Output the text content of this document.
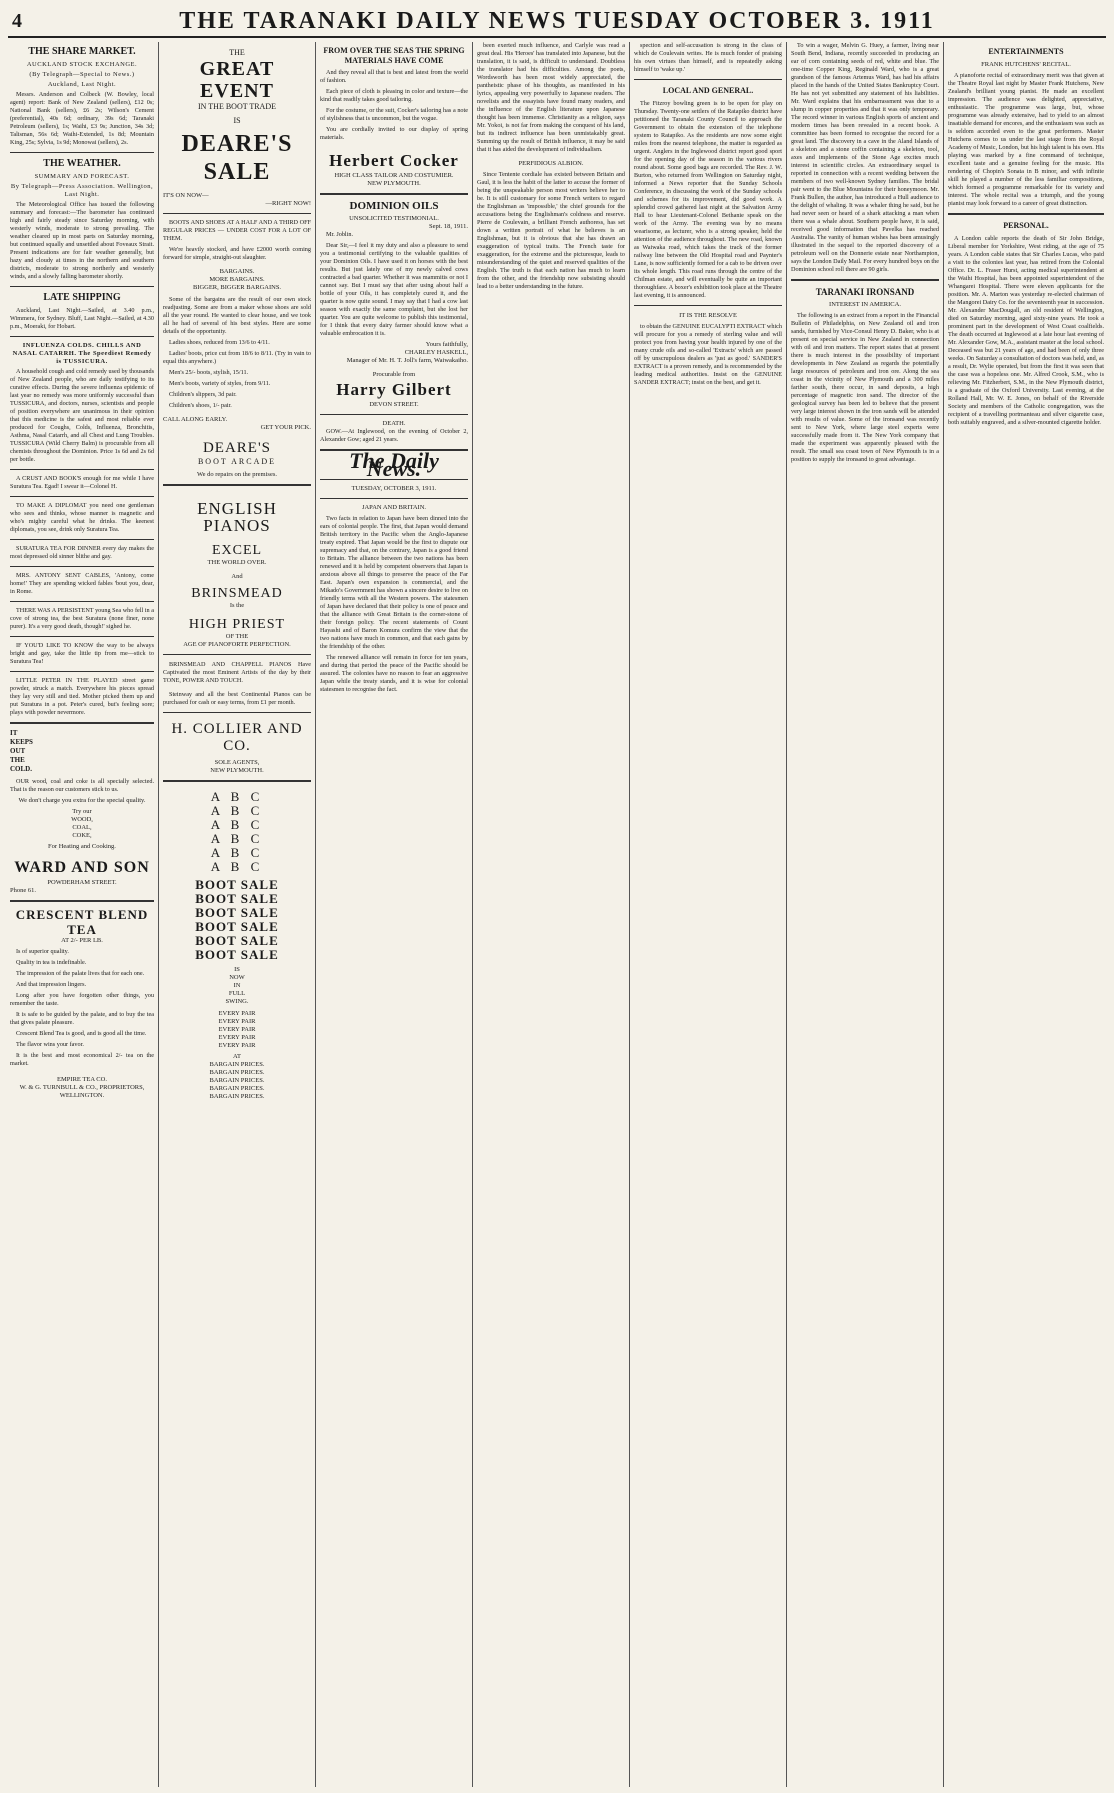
4	THE TARANAKI DAILY NEWS TUESDAY OCTOBER 3. 1911
THE SHARE MARKET.
AUCKLAND STOCK EXCHANGE.
(By Telegraph—Special to News.)
Auckland, Last Night.
Messrs. Anderson and Colbeck (W. Bowley, local agent) report: Bank of New Zealand (sellers), £12 0s; National Bank (sellers), £6 2s; Wilson's Cement (preferential), 40s 6d; ordinary, 39s 6d; Taranaki Petroleum (sellers), 1s; Waihi, £3 9s; Junction, 34s 3d; Talisman, 56s 6d; Waihi-Extended, 1s 8d; Mountain King, 25s; Sylvia, 1s 9d; Monowai (sellers), 2s.
THE WEATHER.
SUMMARY AND FORECAST.
By Telegraph—Press Association. Wellington, Last Night.
The Meteorological Office has issued the following summary and forecast:—The barometer has continued high and fairly steady since Saturday morning, with westerly winds, moderate to strong prevailing. The weather cleared up in most parts on Saturday morning, but continued squally and unsettled about Foveaux Strait. Present indications are for fair weather generally, but hazy and cloudy at times in the northern and southern districts, moderate to strong northerly and westerly winds, and a slowly falling barometer shortly.
LATE SHIPPING
Auckland, Last Night.—Sailed, at 3.40 p.m., Wimmera, for Sydney. Bluff, Last Night.—Sailed, at 4.30 p.m., Moeraki, for Hobart.
INFLUENZA COLDS. CHILLS AND NASAL CATARRH. The Speediest Remedy is TUSSICURA.
A household cough and cold remedy used by thousands of New Zealand people, who are daily testifying to its curative effects. During the severe influenza epidemic of last year no remedy was more uniformly successful than TUSSICURA, and doctors, nurses, scientists and people of position everywhere are unanimous in their opinion that this medicine is the safest and most reliable ever produced for Coughs, Colds, Influenza, Bronchitis, Asthma, Nasal Catarrh, and all Chest and Lung Troubles. TUSSICURA (Wild Cherry Balm) is procurable from all chemists throughout the Dominion. Price 1s 6d and 2s 6d per bottle.
A CRUST AND BOOK'S enough for me while I have Suratura Tea. Egad! I swear it—Colonel H.
TO MAKE A DIPLOMAT you need one gentleman who sees and thinks, whose manner is magnetic and who's mighty careful what he drinks. The keenest diplomats, you see, drink only Suratura Tea.
SURATURA TEA FOR DINNER every day makes the most depressed old sinner blithe and gay.
MRS. ANTONY SENT CABLES, 'Antony, come home!' They are spending wicked fables 'bout you, dear, in Rome.
THERE WAS A PERSISTENT young Sea who fell in a cove of strong tea, the best Suratura (none finer, none purer). It's a very good death, though!' sighed he.
IF YOU'D LIKE TO KNOW the way to be always bright and gay, take the little tip from me—stick to Suratura Tea!
LITTLE PETER IN THE PLAYED street game powder, struck a match. Everywhere his pieces spread they lay very still and tied. Mother picked them up and put Suratura in a pot. Peter's cured, but's feeling sore; plays with powder nevermore.
IT
KEEPS
OUT
THE
COLD.
OUR wood, coal and coke is all specially selected. That is the reason our customers stick to us.
We don't charge you extra for the special quality.
Try our
WOOD,
COAL,
COKE,
For Heating and Cooking.
WARD AND SON
POWDERHAM STREET.
Phone 61.
CRESCENT BLEND TEA
AT 2/- PER LB.
Is of superior quality.
Quality in tea is indefinable.
The impression of the palate lives that for each one.
And that impression lingers.
Long after you have forgotten other things, you remember the taste.
It is safe to be guided by the palate, and to buy the tea that gives palate pleasure.
Crescent Blend Tea is good, and is good all the time.
The flavor wins your favor.
It is the best and most economical 2/- tea on the market.
EMPIRE TEA CO.
W. & G. TURNBULL & CO., PROPRIETORS,
WELLINGTON.
THE
GREAT EVENT
IN THE BOOT TRADE
IS
DEARE'S
SALE
IT'S ON NOW—
—RIGHT NOW!
BOOTS AND SHOES AT A HALF AND A THIRD OFF REGULAR PRICES — UNDER COST FOR A LOT OF THEM.
We're heavily stocked, and have £2000 worth coming forward for simple, straight-out slaughter.
BARGAINS.
MORE BARGAINS.
BIGGER, BIGGER BARGAINS.
Some of the bargains are the result of our own stock readjusting. Some are from a maker whose shoes are sold all the year round. He wanted to clear house, and we took all he had of several of his best styles. Here are some details of the opportunity.
Ladies shoes, reduced from 13/6 to 4/11.
Ladies' boots, price cut from 18/6 to 8/11. (Try in vain to equal this anywhere.)
Men's 25/- boots, stylish, 15/11.
Men's boots, variety of styles, from 9/11.
Children's slippers, 3d pair.
Children's shoes, 1/- pair.
CALL ALONG EARLY.
GET YOUR PICK.
DEARE'S
BOOT ARCADE
We do repairs on the premises.
ENGLISH PIANOS
EXCEL
THE WORLD OVER.
And
BRINSMEAD
Is the
HIGH PRIEST
OF THE
AGE OF PIANOFORTE PERFECTION.
BRINSMEAD AND CHAPPELL PIANOS Have Captivated the most Eminent Artists of the day by their TONE, POWER AND TOUCH.
Steinway and all the best Continental Pianos can be purchased for cash or easy terms, from £1 per month.
H. COLLIER AND CO.
SOLE AGENTS,
NEW PLYMOUTH.
A B C
A B C
A B C
A B C
A B C
A B C
BOOT SALE
BOOT SALE
BOOT SALE
BOOT SALE
BOOT SALE
BOOT SALE
IS
NOW
IN
FULL
SWING.
EVERY PAIR
EVERY PAIR
EVERY PAIR
EVERY PAIR
EVERY PAIR
AT
BARGAIN PRICES.
BARGAIN PRICES.
BARGAIN PRICES.
BARGAIN PRICES.
BARGAIN PRICES.
FROM OVER THE SEAS THE SPRING MATERIALS HAVE COME
And they reveal all that is best and latest from the world of fashion.
Each piece of cloth is pleasing in color and texture—the kind that readily takes good tailoring.
For the costume, or the suit, Cocker's tailoring has a note of stylishness that is uncommon, but the vogue.
You are cordially invited to our display of spring materials.
Herbert Cocker
HIGH CLASS TAILOR AND COSTUMIER.
NEW PLYMOUTH.
DOMINION OILS
UNSOLICITED TESTIMONIAL.
Sept. 18, 1911.
Mr. Joblin.
Dear Sir,—I feel it my duty and also a pleasure to send you a testimonial certifying to the valuable qualities of your Dominion Oils. I have used it on horses with the best results. But just lately one of my newly calved cows contracted a bad quarter. Whether it was mammitis or not I cannot say. But I must say that after using about half a bottle of your Oils, it has completely cured it, and the quarter is now quite sound. I may say that I had a cow last season with exactly the same complaint, but she lost her quarter. You are quite welcome to publish this testimonial, for I think that every dairy farmer should know what a valuable embrocation it is.
Yours faithfully,
CHARLEY HASKELL,
Manager of Mr. H. T. Joll's farm, Waiwakaiho.
Procurable from
Harry Gilbert
DEVON STREET.
DEATH.
GOW.—At Inglewood, on the evening of October 2, Alexander Gow; aged 21 years.
The Daily News.
TUESDAY, OCTOBER 3, 1911.
JAPAN AND BRITAIN.
Two facts in relation to Japan have been dinned into the ears of colonial people. The first, that Japan would demand British territory in the Pacific when the Anglo-Japanese treaty expired. That Japan would be the first to dispute our supremacy and that, on the contrary, Japan is a good friend to Britain. The alliance between the two nations has been renewed and it is held by competent observers that Japan is anxious above all things to preserve the peace of the Far East. Japan's own expansion is commercial, and the Mikado's Government has shown a sincere desire to live on friendly terms with all the Western powers. The statesmen of Japan have declared that their policy is one of peace and that the alliance with Great Britain is the corner-stone of their foreign policy. The recent statements of Count Hayashi and of Baron Komura confirm the view that the two nations have much in common, and that each gains by the friendship of the other.
The renewed alliance will remain in force for ten years, and during that period the peace of the Pacific should be assured. The colonies have no reason to fear an aggressive Japan while the treaty stands, and it is wise for colonial statesmen to recognise the fact.
been exerted much influence, and Carlyle was read a great deal. His 'Heroes' has translated into Japanese, but the translation, it is said, is difficult to understand. Doubtless the translator had his difficulties. Among the poets, Wordsworth has been most widely appreciated, the pantheistic phase of his thoughts, as manifested in his lyrics, appealing very powerfully to Japanese readers. The novelists and the essayists have found many readers, and the influence of the English literature upon Japanese thought has been immense. Christianity as a religion, says Mr. Yokoi, is not far from making the conquest of his land, but its indirect influence has been unmistakably great. Summing up the result of British influence, it may be said that it has aided the development of individualism.
PERFIDIOUS ALBION.
Since Tentente cordiale has existed between Britain and Gaul, it is less the habit of the latter to accuse the former of being the unspeakable person most writers believe her to be. It is still customary for some French writers to regard the Englishman as 'impossible,' the chief grounds for the accusations being the Englishman's coldness and reserve. Pierre de Coulevain, a brilliant French authoress, has set down a written portrait of what he believes is an Englishman, but it is obvious that she has drawn an exaggeration of typical traits. The French taste for exaggeration, for the extreme and the picturesque, leads to misunderstanding of the quiet and reserved qualities of the English. The truth is that each nation has much to learn from the other, and the friendship now subsisting should lead to a better understanding in the future.
spection and self-accusation is strong in the class of which de Coulevain writes. He is much fonder of praising his own virtues than himself, and is repeatedly asking himself to 'wake up.'
LOCAL AND GENERAL.
The Fitzroy bowling green is to be open for play on Thursday. Twenty-one settlers of the Ratapiko district have petitioned the Taranaki County Council to approach the Government to obtain the extension of the telephone system to Ratapiko. As the residents are now some eight miles from the nearest telephone, the matter is regarded as urgent. Anglers in the Inglewood district report good sport for the opening day of the season in the various rivers round about. Some good bags are recorded. The Rev. J. W. Burton, who returned from Wellington on Saturday night, informed a News reporter that the Sunday Schools Conference, in discussing the work of the Sunday schools and schemes for its improvement, did good work. A splendid crowd gathered last night at the Salvation Army Hall to hear Lieutenant-Colonel Bethanie speak on the work of the Army. The evening was by no means wearisome, as lecturer, who is a strong speaker, held the attention of the audience throughout. The new road, known as Waiwaka road, which takes the track of the former railway line between the Old Hospital road and Paynter's Lane, is now sufficiently formed for a cab to be driven over its whole length. This road runs through the centre of the Chilman estate, and will eventually be quite an important thoroughfare. A boxer's exhibition took place at the Theatre last evening, it is announced.
IT IS THE RESOLVE
to obtain the GENUINE EUCALYPTI EXTRACT which will procure for you a remedy of sterling value and will protect you from having your health injured by one of the many crude oils and so-called 'Extracts' which are passed off by unscrupulous dealers as 'just as good.' SANDER'S EXTRACT is a proven remedy, and is recommended by the leading medical authorities. Insist on the GENUINE SANDER EXTRACT; insist on the best, and get it.
To win a wager, Melvin G. Huey, a farmer, living near South Bend, Indiana, recently succeeded in producing an ear of corn containing seeds of red, white and blue. The one-time Copper King, Reginald Ward, who is a great grandson of the famous Artemus Ward, has had his affairs placed in the hands of the United States Bankruptcy Court. He has not yet submitted any statement of his liabilities. Mr. Ward explains that his embarrassment was due to a slump in copper properties and that it was only temporary. The record winner in various English sports of ancient and modern times has been revealed in a recent book. A committee has been formed to recognise the record for a great land. The discovery in a cave in the Aland Islands of a skeleton and a stone coffin containing a skeleton, tool, axes and implements of the Stone Age excites much interest in scientific circles. An extraordinary sequel is reported in connection with a recent wedding between the members of two well-known Sydney families. The bridal pair went to the Blue Mountains for their honeymoon. Mr. Frank Bullen, the author, has introduced a Hull audience to the delight of whaling. It was a whaler thing he said, but he had never seen or heard of a shark attacking a man when there was a whale about. Southern people have, it is said, received good information that Pavelka has reached Australia. The vanity of human wishes has been amusingly illustrated in the sequel to the reported discovery of a petroleum well on the Donnerie estate near Northampton, says the London Daily Mail. For every hundred boys on the Dominion school roll there are 90 girls.
TARANAKI IRONSAND
INTEREST IN AMERICA.
The following is an extract from a report in the Financial Bulletin of Philadelphia, on New Zealand oil and iron sands, furnished by Vice-Consul Henry D. Baker, who is at present on special service in New Zealand in connection with oil and iron matters. The report states that at present there is much interest in the possibility of important developments in New Zealand as regards the potentially large resources of petroleum and iron ore. Along the sea coast in the vicinity of New Plymouth and a 300 miles farther south, there occur, in sand deposits, a high percentage of magnetic iron sand. The director of the geological survey has been led to believe that the present very large interest shown in the iron sands will be attended with results of value. Some of the ironsand was recently sent to New York, where large steel experts were successfully made from it. The New York company that made the experiment was apparently pleased with the result. The small sea coast town of New Plymouth is in a position to supply the ironsand to great advantage.
ENTERTAINMENTS
FRANK HUTCHENS' RECITAL.
A pianoforte recital of extraordinary merit was that given at the Theatre Royal last night by Master Frank Hutchens, New Zealand's brilliant young pianist. He made an excellent impression. The audience was delighted, appreciative, enthusiastic. The programme was large, but, whose programme was already extensive, had to yield to an almost insatiable demand for encores, and the enthusiasm was such as is seldom accorded even to the great performers. Master Hutchens comes to us under the last stage from the Royal Academy of Music, London, but his high talent is his own. His playing was marked by a fine command of technique, excellent taste and a genuine feeling for the music. His rendering of Chopin's Sonata in B minor, and with infinite skill he played a number of the less familiar compositions, which formed a programme remarkable for its variety and interest. The whole recital was a triumph, and the young pianist may look forward to a career of great distinction.
PERSONAL.
A London cable reports the death of Sir John Bridge, Liberal member for Yorkshire, West riding, at the age of 75 years. A London cable states that Sir Charles Lucas, who paid a visit to the colonies last year, has retired from the Colonial Office. Dr. L. Fraser Hurst, acting medical superintendent at the Waihi Hospital, has been appointed superintendent of the Whangarei Hospital. There were eleven applicants for the position. Mr. A. Marton was yesterday re-elected chairman of the Mangorei Dairy Co. for the seventeenth year in succession. Mr. Alexander MacDougall, an old resident of Wellington, died on Saturday morning, aged sixty-nine years. He took a prominent part in the development of West Coast coalfields. The death occurred at Inglewood at a late hour last evening of Mr. Alexander Gow, M.A., assistant master at the local school. Deceased was but 21 years of age, and had been of only three weeks. On Saturday a consultation of doctors was held, and, as a result, Dr. Wylie operated, but from the first it was seen that the case was a hopeless one. Mr. Alfred Crook, S.M., who is relieving Mr. Fitzherbert, S.M., in the New Plymouth district, is a graduate of the Oxford University. Last evening, at the Rolland Hall, Mr. W. E. Jones, on behalf of the Riverside Society and members of the Catholic congregation, was the recipient of a travelling portmanteau and silver cigarette case, both suitably engraved, and a silver-mounted cigarette holder.
